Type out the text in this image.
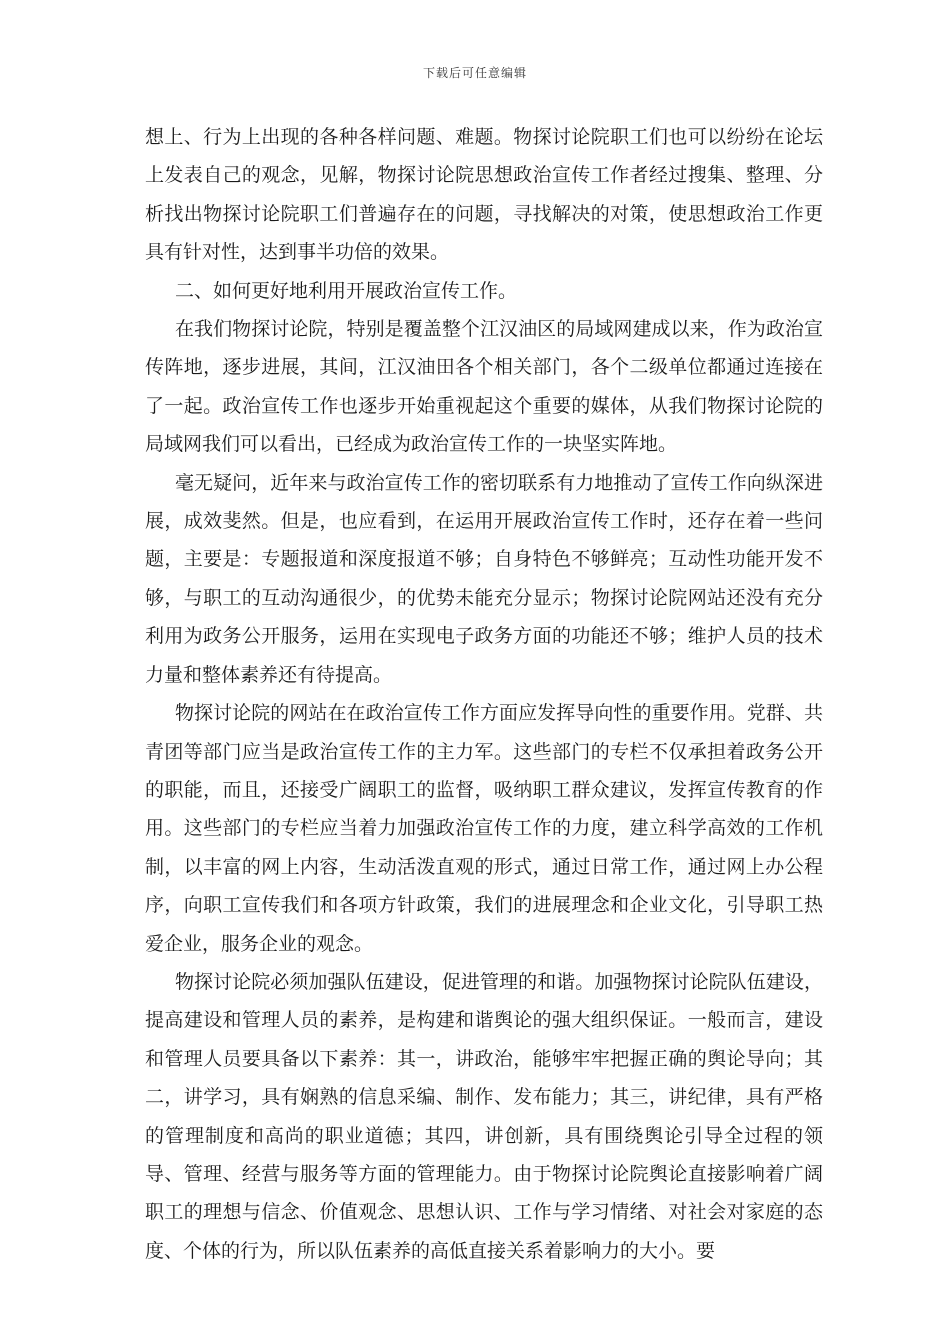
下载后可任意编辑

想上、行为上出现的各种各样问题、难题。物探讨论院职工们也可以纷纷在论坛上发表自己的观念，见解，物探讨论院思想政治宣传工作者经过搜集、整理、分析找出物探讨论院职工们普遍存在的问题，寻找解决的对策，使思想政治工作更具有针对性，达到事半功倍的效果。

二、如何更好地利用开展政治宣传工作。

在我们物探讨论院，特别是覆盖整个江汉油区的局域网建成以来，作为政治宣传阵地，逐步进展，其间，江汉油田各个相关部门，各个二级单位都通过连接在了一起。政治宣传工作也逐步开始重视起这个重要的媒体，从我们物探讨论院的局域网我们可以看出，已经成为政治宣传工作的一块坚实阵地。

毫无疑问，近年来与政治宣传工作的密切联系有力地推动了宣传工作向纵深进展，成效斐然。但是，也应看到，在运用开展政治宣传工作时，还存在着一些问题，主要是：专题报道和深度报道不够；自身特色不够鲜亮；互动性功能开发不够，与职工的互动沟通很少，的优势未能充分显示；物探讨论院网站还没有充分利用为政务公开服务，运用在实现电子政务方面的功能还不够；维护人员的技术力量和整体素养还有待提高。

物探讨论院的网站在在政治宣传工作方面应发挥导向性的重要作用。党群、共青团等部门应当是政治宣传工作的主力军。这些部门的专栏不仅承担着政务公开的职能，而且，还接受广阔职工的监督，吸纳职工群众建议，发挥宣传教育的作用。这些部门的专栏应当着力加强政治宣传工作的力度，建立科学高效的工作机制，以丰富的网上内容，生动活泼直观的形式，通过日常工作，通过网上办公程序，向职工宣传我们和各项方针政策，我们的进展理念和企业文化，引导职工热爱企业，服务企业的观念。

物探讨论院必须加强队伍建设，促进管理的和谐。加强物探讨论院队伍建设，提高建设和管理人员的素养，是构建和谐舆论的强大组织保证。一般而言，建设和管理人员要具备以下素养：其一，讲政治，能够牢牢把握正确的舆论导向；其二，讲学习，具有娴熟的信息采编、制作、发布能力；其三，讲纪律，具有严格的管理制度和高尚的职业道德；其四，讲创新，具有围绕舆论引导全过程的领导、管理、经营与服务等方面的管理能力。由于物探讨论院舆论直接影响着广阔职工的理想与信念、价值观念、思想认识、工作与学习情绪、对社会对家庭的态度、个体的行为，所以队伍素养的高低直接关系着影响力的大小。要
